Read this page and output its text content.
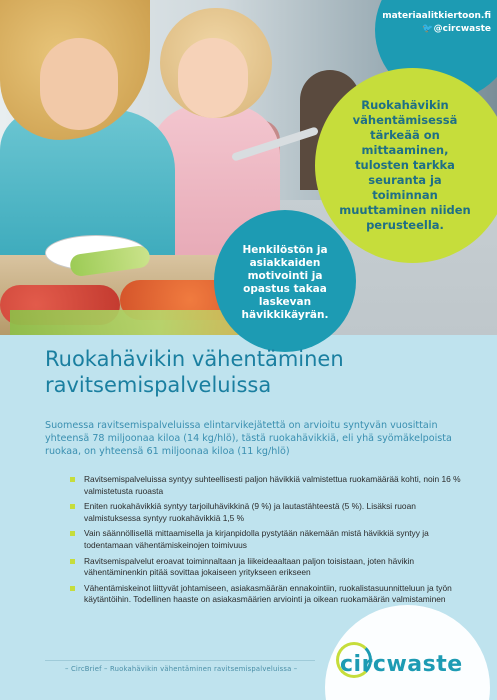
materiaalitkiertoon.fi
🐦@circwaste
Ruokahävikin vähentämisessä tärkeää on mittaaminen, tulosten tarkka seuranta ja toiminnan muuttaminen niiden perusteella.
Henkilöstön ja asiakkaiden motivointi ja opastus takaa laskevan hävikkikäyrän.
Ruokahävikin vähentäminen ravitsemispalveluissa
Suomessa ravitsemispalveluissa elintarvikejätettä on arvioitu syntyvän vuosittain yhteensä 78 miljoonaa kiloa (14 kg/hlö), tästä ruokahävikkiä, eli yhä syömäkelpoista ruokaa, on yhteensä 61 miljoonaa kiloa (11 kg/hlö)
Ravitsemispalveluissa syntyy suhteellisesti paljon hävikkiä valmistettua ruokamäärää kohti, noin 16 % valmistetusta ruoasta
Eniten ruokahävikkiä syntyy tarjoiluhävikkinä (9 %) ja lautastähteestä (5 %). Lisäksi ruoan valmistuksessa syntyy ruokahävikkiä 1,5 %
Vain säännöllisellä mittaamisella ja kirjanpidolla pystytään näkemään mistä hävikkiä syntyy ja todentamaan vähentämiskeinojen toimivuus
Ravitsemispalvelut eroavat toiminnaltaan ja liikeideaaltaan paljon toisistaan, joten hävikin vähentäminenkin pitää sovittaa jokaiseen yritykseen erikseen
Vähentämiskeinot liittyvät johtamiseen, asiakasmäärän ennakointiin, ruokalistasuunnitteluun ja työn käytäntöihin. Todellinen haaste on asiakasmäärien arviointi ja oikean ruokamäärän valmistaminen
– CircBrief – Ruokahävikin vähentäminen ravitsemispalveluissa – circwaste
